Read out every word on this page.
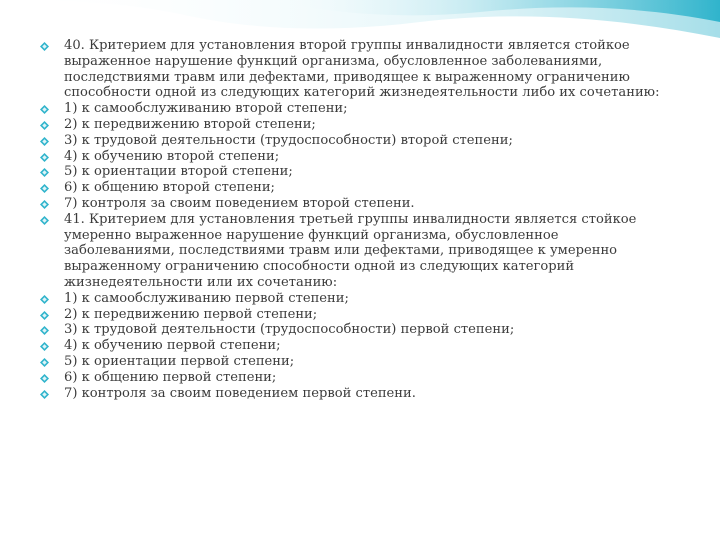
40. Критерием для установления второй группы инвалидности является стойкое выраженное нарушение функций организма, обусловленное заболеваниями, последствиями травм или дефектами, приводящее к выраженному ограничению способности одной из следующих категорий жизнедеятельности либо их сочетанию:
1) к самообслуживанию второй степени;
2) к передвижению второй степени;
3) к трудовой деятельности (трудоспособности) второй степени;
4) к обучению второй степени;
5) к ориентации второй степени;
6) к общению второй степени;
7) контроля за своим поведением второй степени.
41. Критерием для установления третьей группы инвалидности является стойкое умеренно выраженное нарушение функций организма, обусловленное заболеваниями, последствиями травм или дефектами, приводящее к умеренно выраженному ограничению способности одной из следующих категорий жизнедеятельности или их сочетанию:
1) к самообслуживанию первой степени;
2) к передвижению первой степени;
3) к трудовой деятельности (трудоспособности) первой степени;
4) к обучению первой степени;
5) к ориентации первой степени;
6) к общению первой степени;
7) контроля за своим поведением первой степени.
